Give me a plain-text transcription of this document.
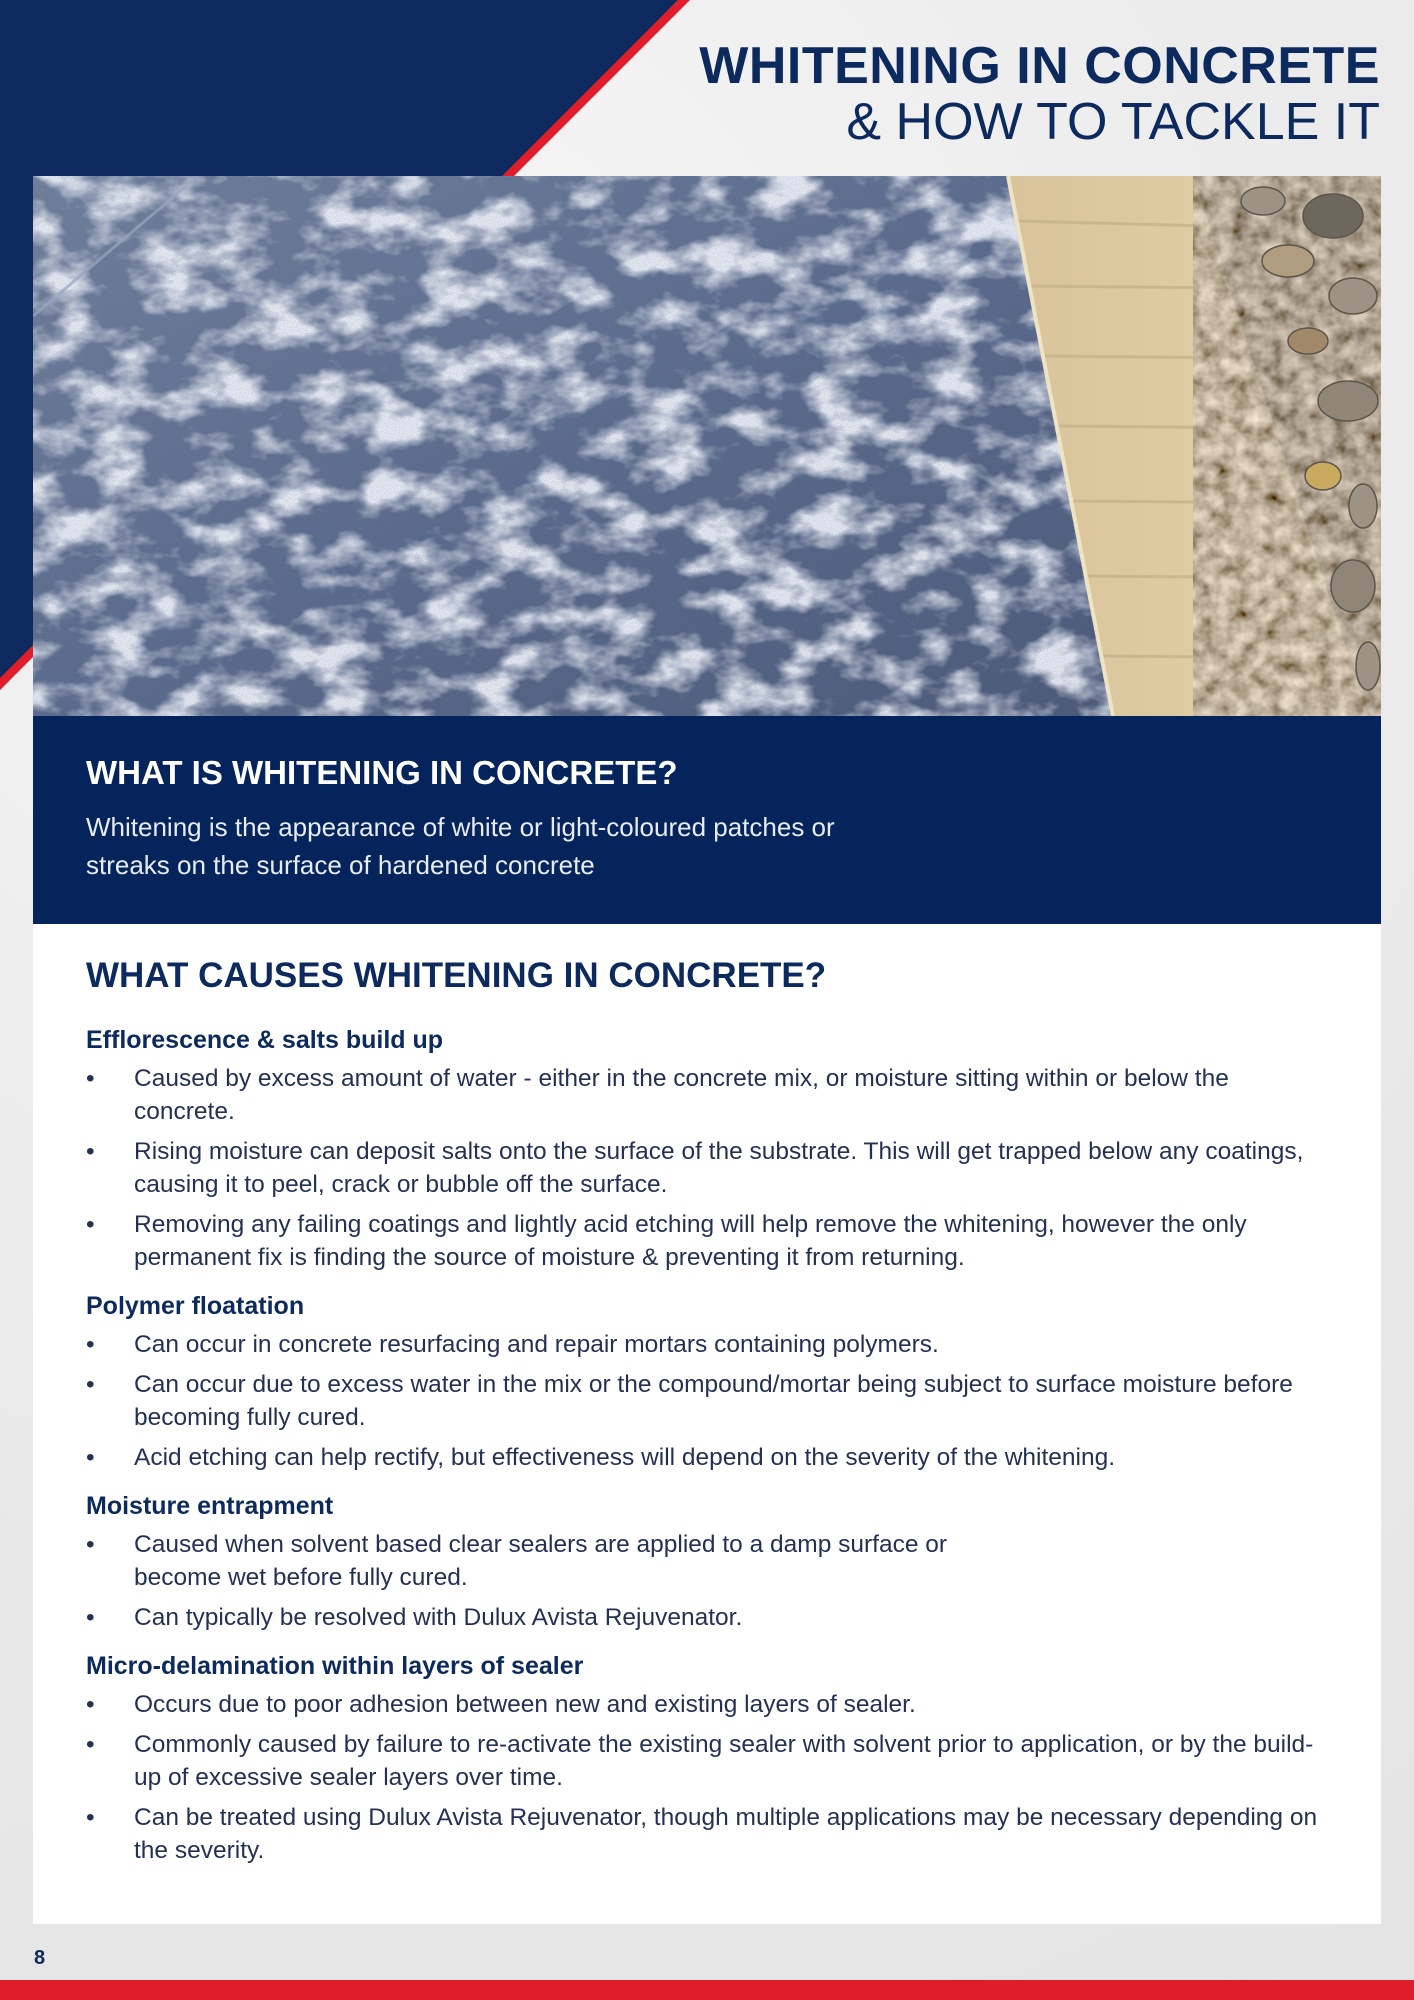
WHITENING IN CONCRETE
& HOW TO TACKLE IT
WHAT IS WHITENING IN CONCRETE?
Whitening is the appearance of white or light-coloured patches or streaks on the surface of hardened concrete
WHAT CAUSES WHITENING IN CONCRETE?
Efflorescence & salts build up
•	Caused by excess amount of water - either in the concrete mix, or moisture sitting within or below the concrete.
•	Rising moisture can deposit salts onto the surface of the substrate. This will get trapped below any coatings, causing it to peel, crack or bubble off the surface.
•	Removing any failing coatings and lightly acid etching will help remove the whitening, however the only permanent fix is finding the source of moisture & preventing it from returning.
Polymer floatation
•	Can occur in concrete resurfacing and repair mortars containing polymers.
•	Can occur due to excess water in the mix or the compound/mortar being subject to surface moisture before becoming fully cured.
•	Acid etching can help rectify, but effectiveness will depend on the severity of the whitening.
Moisture entrapment
•	Caused when solvent based clear sealers are applied to a damp surface or become wet before fully cured.
•	Can typically be resolved with Dulux Avista Rejuvenator.
Micro-delamination within layers of sealer
•	Occurs due to poor adhesion between new and existing layers of sealer.
•	Commonly caused by failure to re-activate the existing sealer with solvent prior to application, or by the build-up of excessive sealer layers over time.
•	Can be treated using Dulux Avista Rejuvenator, though multiple applications may be necessary depending on the severity.
8
